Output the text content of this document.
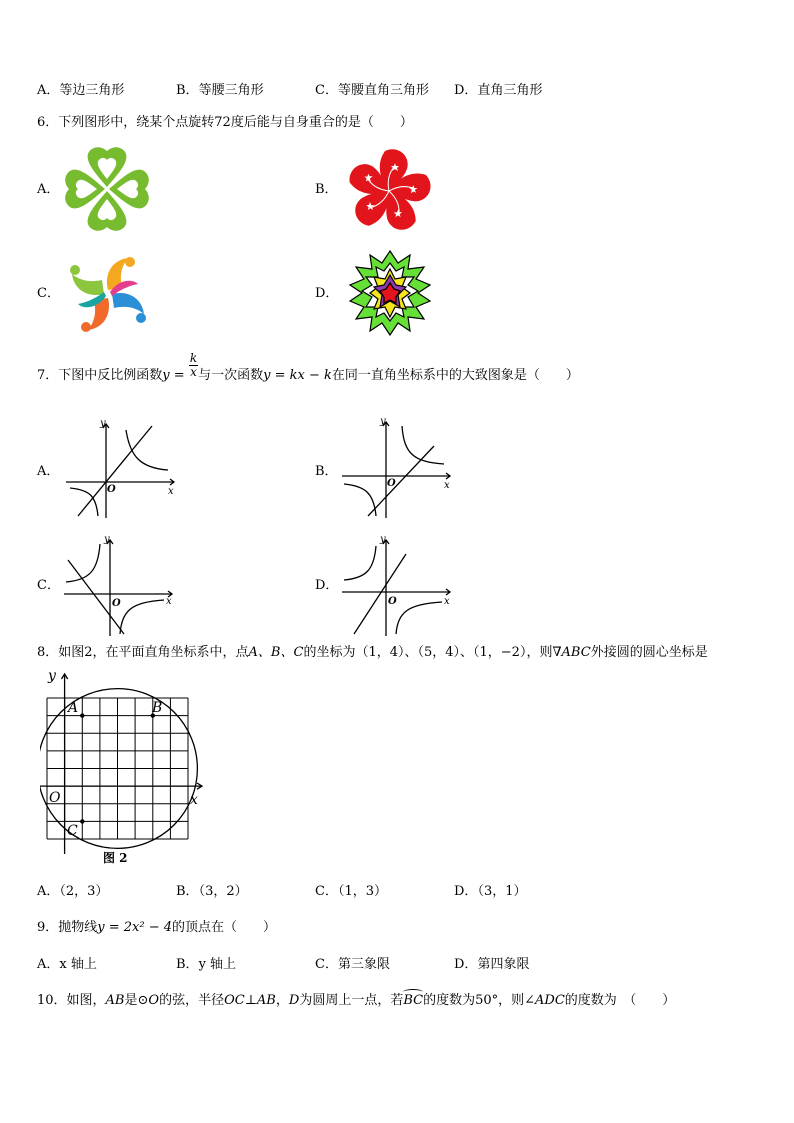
A．等边三角形	B．等腰三角形	C．等腰直角三角形 D．直角三角形
6．下列图形中，绕某个点旋转72度后能与自身重合的是（　　）
A．	B．
C．	D．
7．下图中反比例函数$y = \frac{k}{x}$ 与一次函数y = kx − k在同一直角坐标系中的大致图象是（　　）
A．
y
x
O
B．
y
x
O
C．
y
x
O
D．
y
x
O
8．如图2，在平面直角坐标系中，点A、B、C的坐标为（1，4）、（5，4）、（1，−2），则∇ABC外接圆的圆心坐标是
A	B
C
O	x
y
图 2
A．（2，3）	B．（3，2）	C．（1，3）	D．（3，1）
9．抛物线y = 2x² − 4的顶点在（　　）
A．x 轴上	B．y 轴上	C．第三象限	D．第四象限
10．如图，AB是⊙O的弦，半径OC⊥AB，D为圆周上一点，若BC的度数为50°，则∠ADC的度数为　（　　）
